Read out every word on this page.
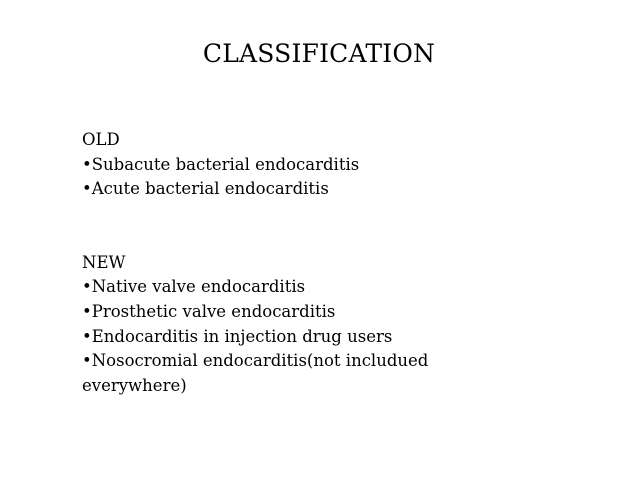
CLASSIFICATION
OLD
•Subacute bacterial endocarditis
•Acute bacterial endocarditis
NEW
•Native valve endocarditis
•Prosthetic valve endocarditis
•Endocarditis in injection drug users
•Nosocromial endocarditis(not includued
everywhere)
